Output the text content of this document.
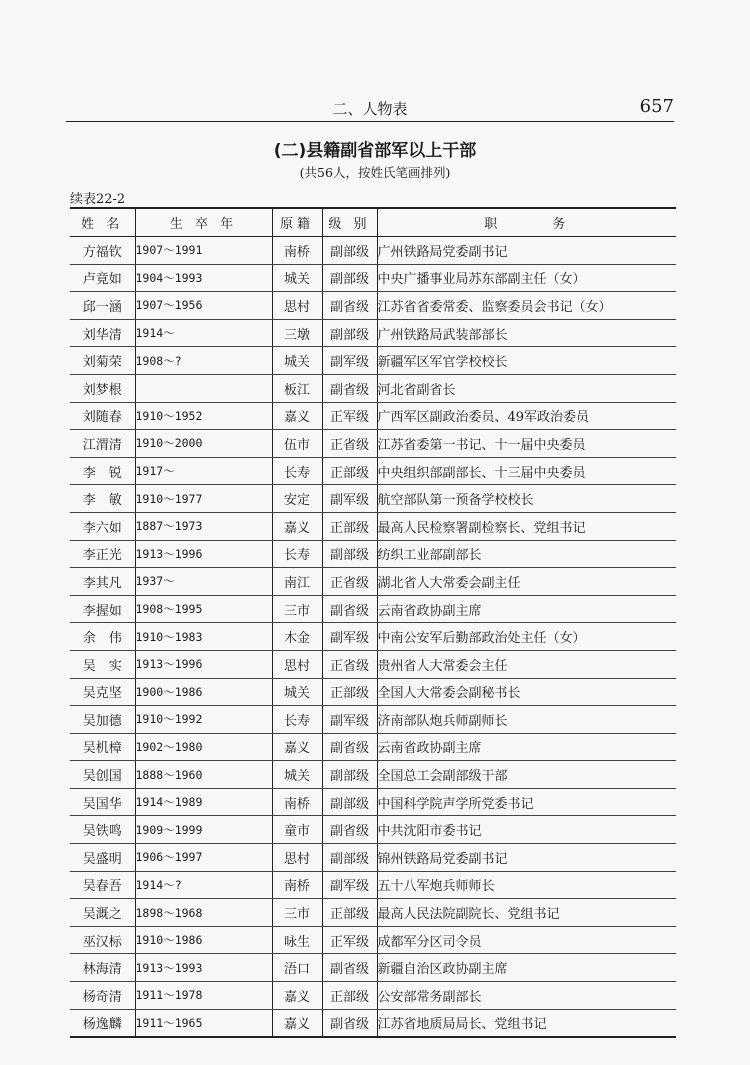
二、人物表	657
(二)县籍副省部军以上干部
(共56人，按姓氏笔画排列)
续表22-2
姓 名	生 卒 年	原籍	级 别	职　　　务
方福钦	1907～1991	南桥	副部级	广州铁路局党委副书记
卢竟如	1904～1993	城关	副部级	中央广播事业局苏东部副主任（女）
邱一涵	1907～1956	思村	副省级	江苏省省委常委、监察委员会书记（女）
刘华清	1914～	三墩	副部级	广州铁路局武装部部长
刘菊荣	1908～?	城关	副军级	新疆军区军官学校校长
刘梦根		板江	副省级	河北省副省长
刘随春	1910～1952	嘉义	正军级	广西军区副政治委员、49军政治委员
江渭清	1910～2000	伍市	正省级	江苏省委第一书记、十一届中央委员
李　锐	1917～	长寿	正部级	中央组织部副部长、十三届中央委员
李　敏	1910～1977	安定	副军级	航空部队第一预备学校校长
李六如	1887～1973	嘉义	正部级	最高人民检察署副检察长、党组书记
李正光	1913～1996	长寿	副部级	纺织工业部副部长
李其凡	1937～	南江	正省级	湖北省人大常委会副主任
李握如	1908～1995	三市	副省级	云南省政协副主席
余　伟	1910～1983	木金	副军级	中南公安军后勤部政治处主任（女）
吴　实	1913～1996	思村	正省级	贵州省人大常委会主任
吴克坚	1900～1986	城关	正部级	全国人大常委会副秘书长
吴加德	1910～1992	长寿	副军级	济南部队炮兵师副师长
吴机樟	1902～1980	嘉义	副省级	云南省政协副主席
吴创国	1888～1960	城关	副部级	全国总工会副部级干部
吴国华	1914～1989	南桥	副部级	中国科学院声学所党委书记
吴铁鸣	1909～1999	童市	副省级	中共沈阳市委书记
吴盛明	1906～1997	思村	副部级	锦州铁路局党委副书记
吴春吾	1914～?	南桥	副军级	五十八军炮兵师师长
吴溉之	1898～1968	三市	正部级	最高人民法院副院长、党组书记
巫汉标	1910～1986	咏生	正军级	成都军分区司令员
林海清	1913～1993	浯口	副省级	新疆自治区政协副主席
杨奇清	1911～1978	嘉义	正部级	公安部常务副部长
杨逸麟	1911～1965	嘉义	副省级	江苏省地质局局长、党组书记
